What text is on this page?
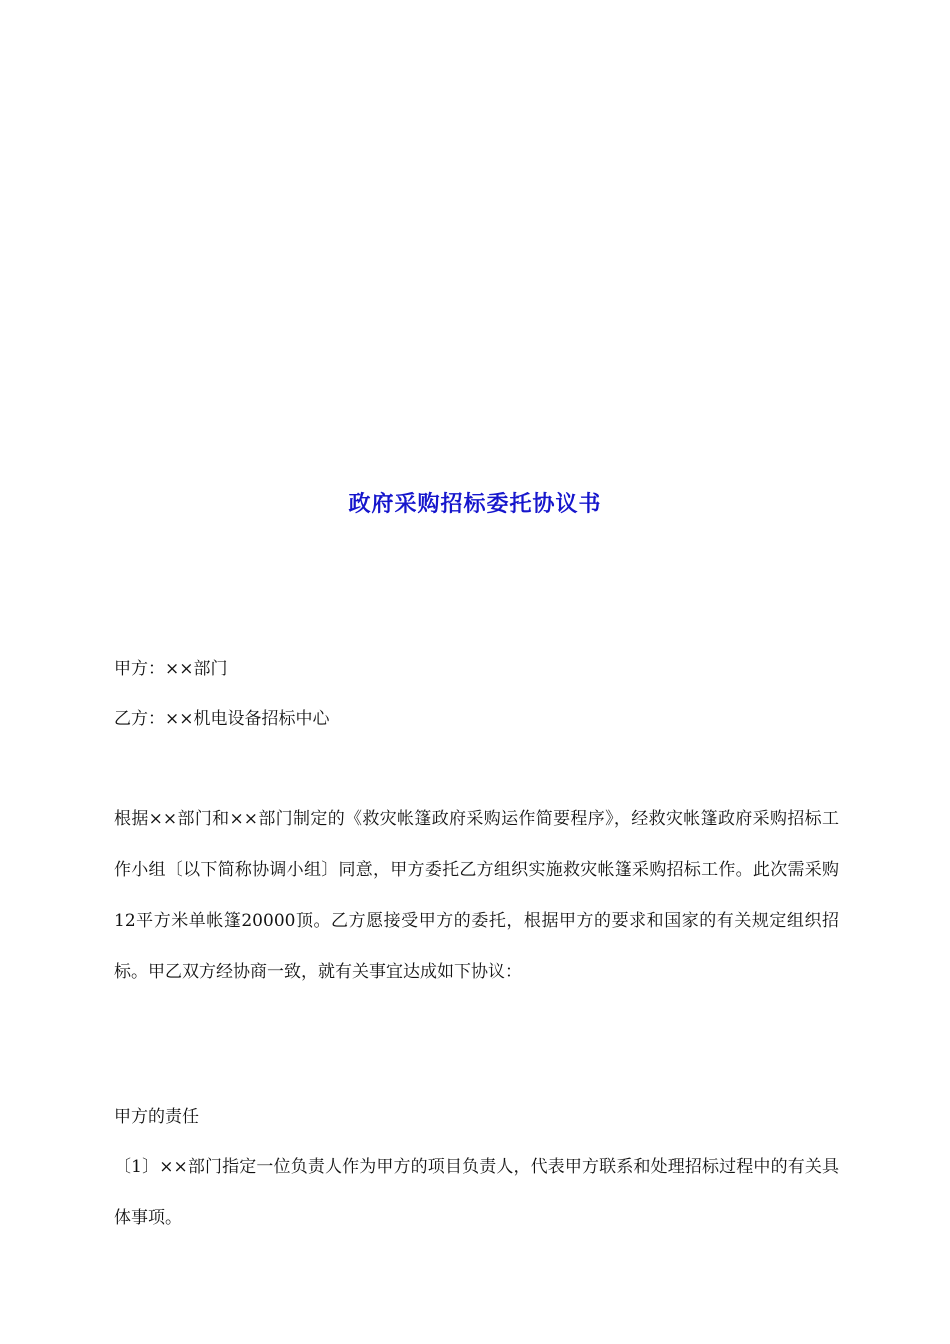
政府采购招标委托协议书
甲方：××部门
乙方：××机电设备招标中心
根据××部门和××部门制定的《救灾帐篷政府采购运作简要程序》，经救灾帐篷政府采购招标工作小组〔以下简称协调小组〕同意，甲方委托乙方组织实施救灾帐篷采购招标工作。此次需采购12平方米单帐篷20000顶。乙方愿接受甲方的委托，根据甲方的要求和国家的有关规定组织招标。甲乙双方经协商一致，就有关事宜达成如下协议：
甲方的责任
〔1〕××部门指定一位负责人作为甲方的项目负责人，代表甲方联系和处理招标过程中的有关具体事项。
